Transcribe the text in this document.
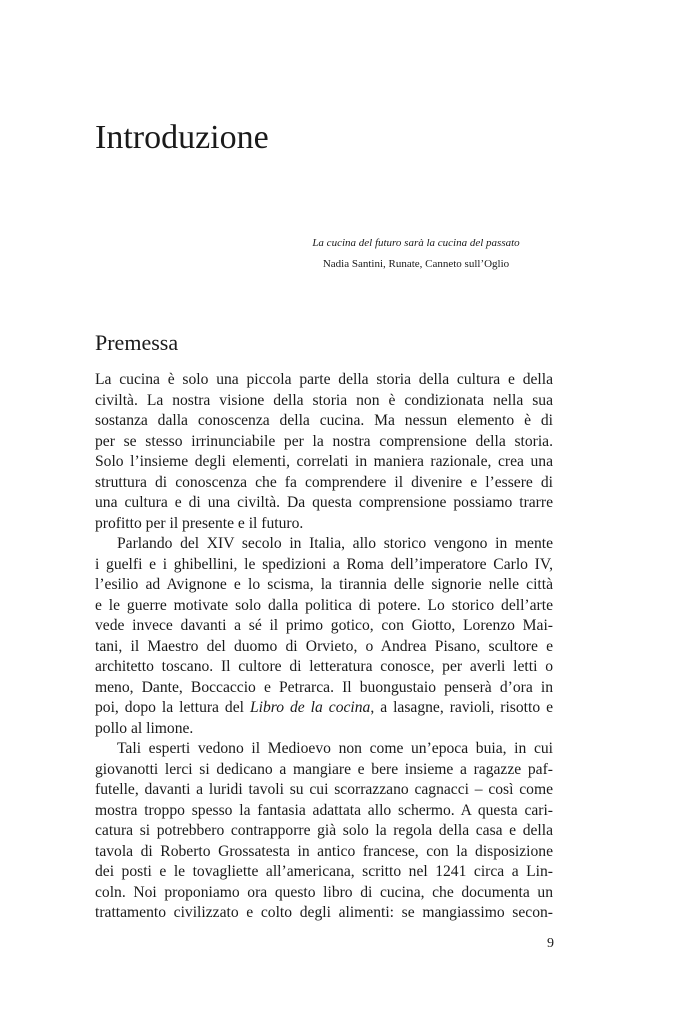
Introduzione
La cucina del futuro sarà la cucina del passato
Nadia Santini, Runate, Canneto sull’Oglio
Premessa
La cucina è solo una piccola parte della storia della cultura e della
civiltà. La nostra visione della storia non è condizionata nella sua
sostanza dalla conoscenza della cucina. Ma nessun elemento è di
per se stesso irrinunciabile per la nostra comprensione della storia.
Solo l’insieme degli elementi, correlati in maniera razionale, crea una
struttura di conoscenza che fa comprendere il divenire e l’essere di
una cultura e di una civiltà. Da questa comprensione possiamo trarre
profitto per il presente e il futuro.
Parlando del XIV secolo in Italia, allo storico vengono in mente
i guelfi e i ghibellini, le spedizioni a Roma dell’imperatore Carlo IV,
l’esilio ad Avignone e lo scisma, la tirannia delle signorie nelle città
e le guerre motivate solo dalla politica di potere. Lo storico dell’arte
vede invece davanti a sé il primo gotico, con Giotto, Lorenzo Mai-
tani, il Maestro del duomo di Orvieto, o Andrea Pisano, scultore e
architetto toscano. Il cultore di letteratura conosce, per averli letti o
meno, Dante, Boccaccio e Petrarca. Il buongustaio penserà d’ora in
poi, dopo la lettura del Libro de la cocina, a lasagne, ravioli, risotto e
pollo al limone.
Tali esperti vedono il Medioevo non come un’epoca buia, in cui
giovanotti lerci si dedicano a mangiare e bere insieme a ragazze paf-
futelle, davanti a luridi tavoli su cui scorrazzano cagnacci – così come
mostra troppo spesso la fantasia adattata allo schermo. A questa cari-
catura si potrebbero contrapporre già solo la regola della casa e della
tavola di Roberto Grossatesta in antico francese, con la disposizione
dei posti e le tovagliette all’americana, scritto nel 1241 circa a Lin-
coln. Noi proponiamo ora questo libro di cucina, che documenta un
trattamento civilizzato e colto degli alimenti: se mangiassimo secon-
9
